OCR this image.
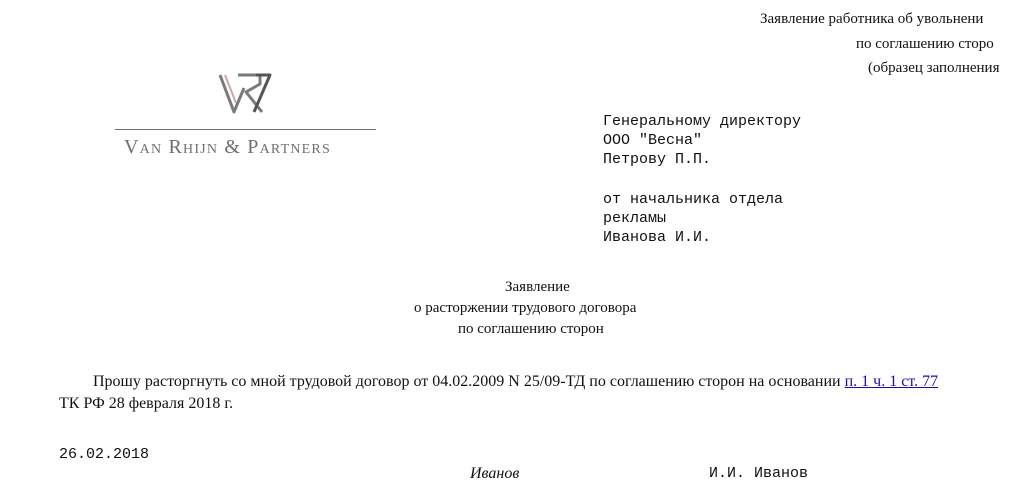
Заявление работника об увольнени
по соглашению сторо
(образец заполнения
Van Rhijn & Partners
Генеральному директору
ООО "Весна"
Петрову П.П.
от начальника отдела
рекламы
Иванова И.И.
Заявление
о расторжении трудового договора
по соглашению сторон
Прошу расторгнуть со мной трудовой договор от 04.02.2009 N 25/09-ТД по соглашению сторон на основании п. 1 ч. 1 ст. 77
ТК РФ 28 февраля 2018 г.
26.02.2018
Иванов	И.И. Иванов
